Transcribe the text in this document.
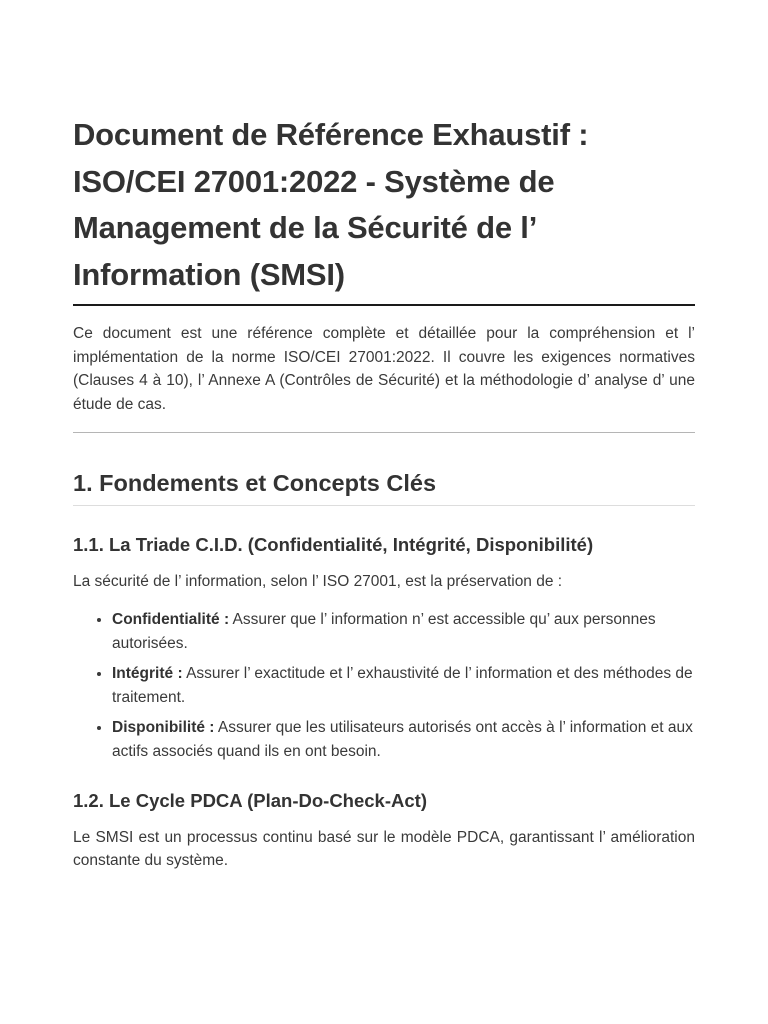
Document de Référence Exhaustif : ISO/CEI 27001:2022 - Système de Management de la Sécurité de l’ Information (SMSI)

Ce document est une référence complète et détaillée pour la compréhension et l’ implémentation de la norme ISO/CEI 27001:2022. Il couvre les exigences normatives (Clauses 4 à 10), l’ Annexe A (Contrôles de Sécurité) et la méthodologie d’ analyse d’ une étude de cas.

1. Fondements et Concepts Clés
1.1. La Triade C.I.D. (Confidentialité, Intégrité, Disponibilité)

La sécurité de l’ information, selon l’ ISO 27001, est la préservation de :

• Confidentialité : Assurer que l’ information n’ est accessible qu’ aux personnes autorisées.
• Intégrité : Assurer l’ exactitude et l’ exhaustivité de l’ information et des méthodes de traitement.
• Disponibilité : Assurer que les utilisateurs autorisés ont accès à l’ information et aux actifs associés quand ils en ont besoin.
1.2. Le Cycle PDCA (Plan-Do-Check-Act)

Le SMSI est un processus continu basé sur le modèle PDCA, garantissant l’ amélioration constante du système.
